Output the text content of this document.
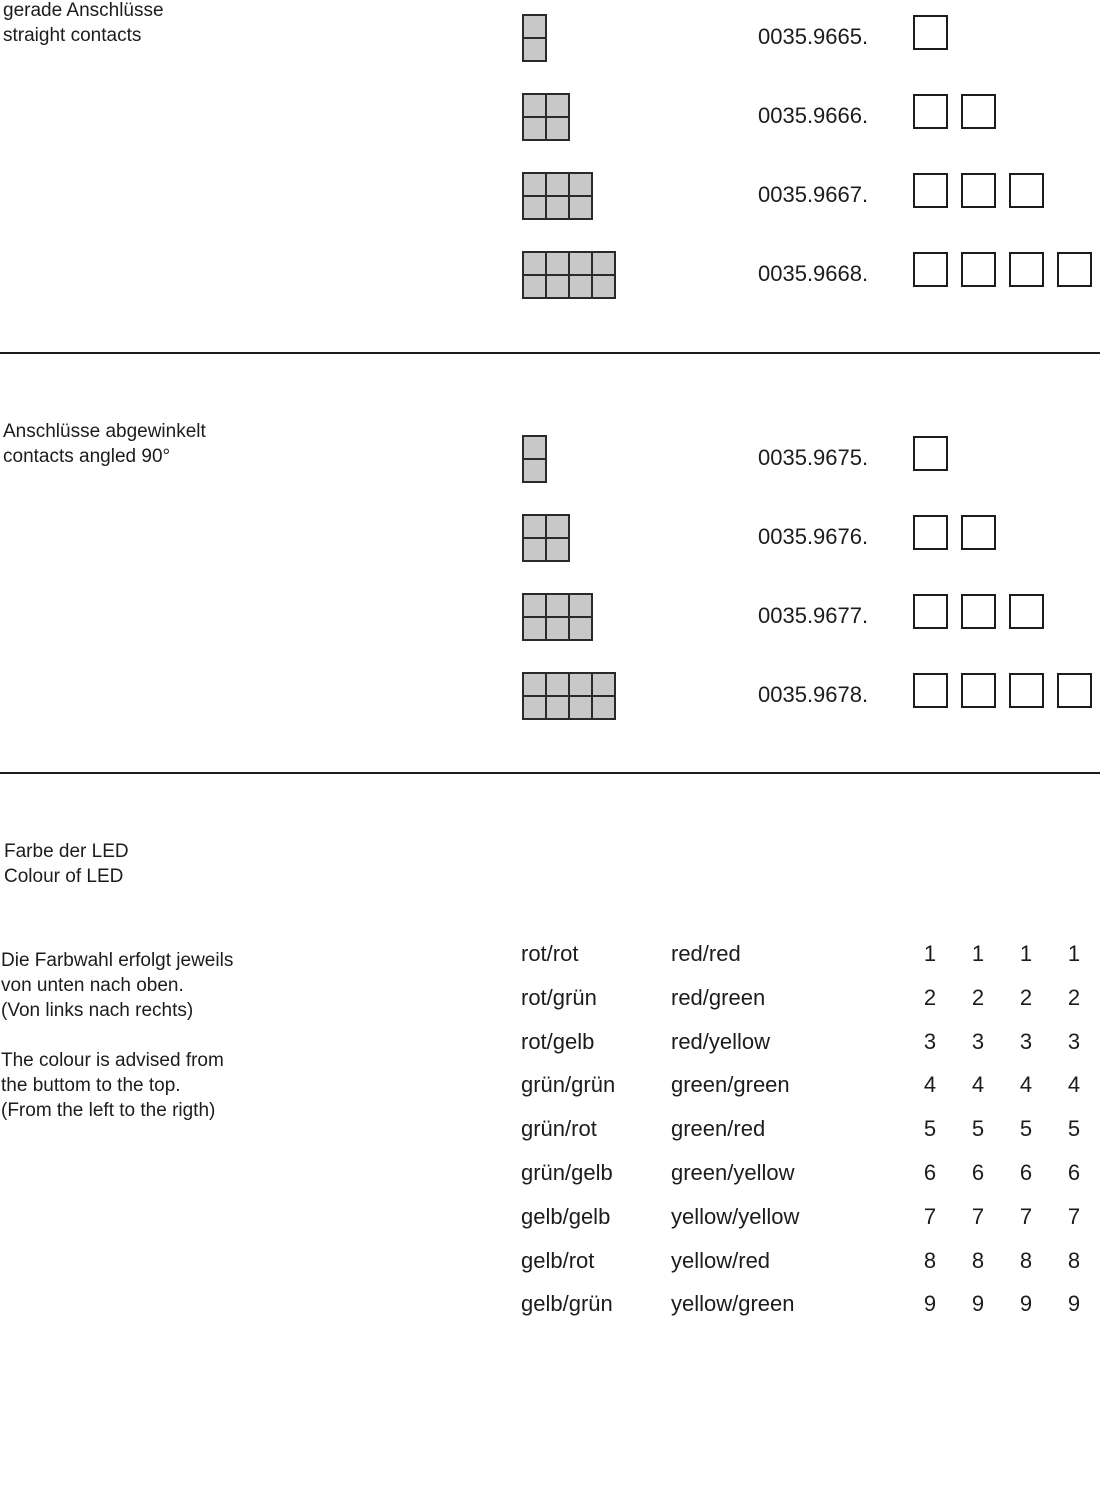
gerade Anschlüsse
straight contacts	0035.9665.
0035.9666.
0035.9667.
0035.9668.
Anschlüsse abgewinkelt
contacts angled 90°	0035.9675.
0035.9676.
0035.9677.
0035.9678.
Farbe der LED
Colour of LED
Die Farbwahl erfolgt jeweils
von unten nach oben.
(Von links nach rechts)
The colour is advised from
the buttom to the top.
(From the left to the rigth)
rot/rot	red/red	1	1	1	1
rot/grün	red/green	2	2	2	2
rot/gelb	red/yellow	3	3	3	3
grün/grün	green/green	4	4	4	4
grün/rot	green/red	5	5	5	5
grün/gelb	green/yellow	6	6	6	6
gelb/gelb	yellow/yellow	7	7	7	7
gelb/rot	yellow/red	8	8	8	8
gelb/grün	yellow/green	9	9	9	9
